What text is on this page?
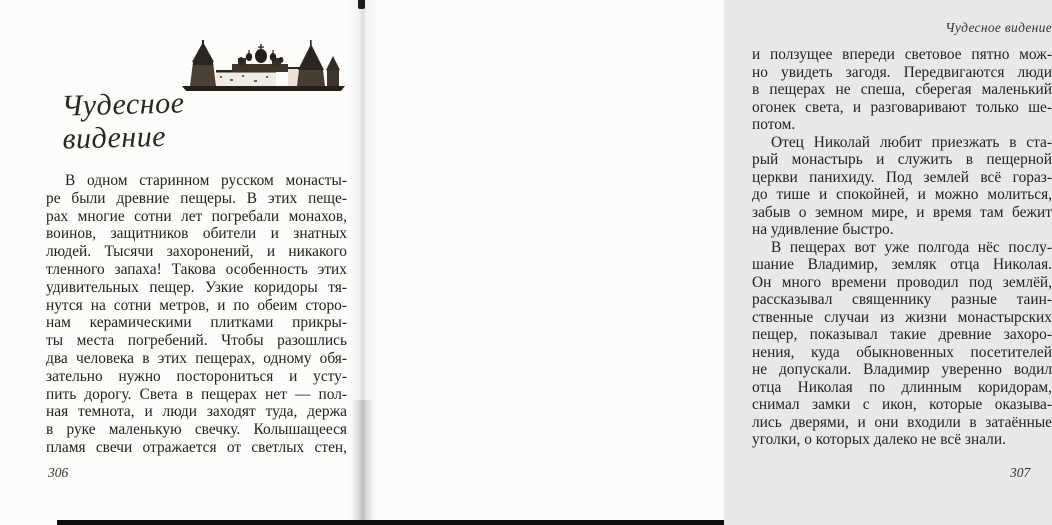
Чудесное
видение
В одном старинном русском монасты-
ре были древние пещеры. В этих пеще-
рах многие сотни лет погребали монахов,
воинов, защитников обители и знатных
людей. Тысячи захоронений, и никакого
тленного запаха! Такова особенность этих
удивительных пещер. Узкие коридоры тя-
нутся на сотни метров, и по обеим сторо-
нам керамическими плитками прикры-
ты места погребений. Чтобы разошлись
два человека в этих пещерах, одному обя-
зательно нужно посторониться и усту-
пить дорогу. Света в пещерах нет — пол-
ная темнота, и люди заходят туда, держа
в руке маленькую свечку. Колышащееся
пламя свечи отражается от светлых стен,
306
Чудесное видение
и ползущее впереди световое пятно мож-
но увидеть загодя. Передвигаются люди
в пещерах не спеша, сберегая маленький
огонек света, и разговаривают только ше-
потом.
Отец Николай любит приезжать в ста-
рый монастырь и служить в пещерной
церкви панихиду. Под землей всё гораз-
до тише и спокойней, и можно молиться,
забыв о земном мире, и время там бежит
на удивление быстро.
В пещерах вот уже полгода нёс послу-
шание Владимир, земляк отца Николая.
Он много времени проводил под землёй,
рассказывал священнику разные таин-
ственные случаи из жизни монастырских
пещер, показывал такие древние захоро-
нения, куда обыкновенных посетителей
не допускали. Владимир уверенно водил
отца Николая по длинным коридорам,
снимал замки с икон, которые оказыва-
лись дверями, и они входили в затаённые
уголки, о которых далеко не всё знали.
307
